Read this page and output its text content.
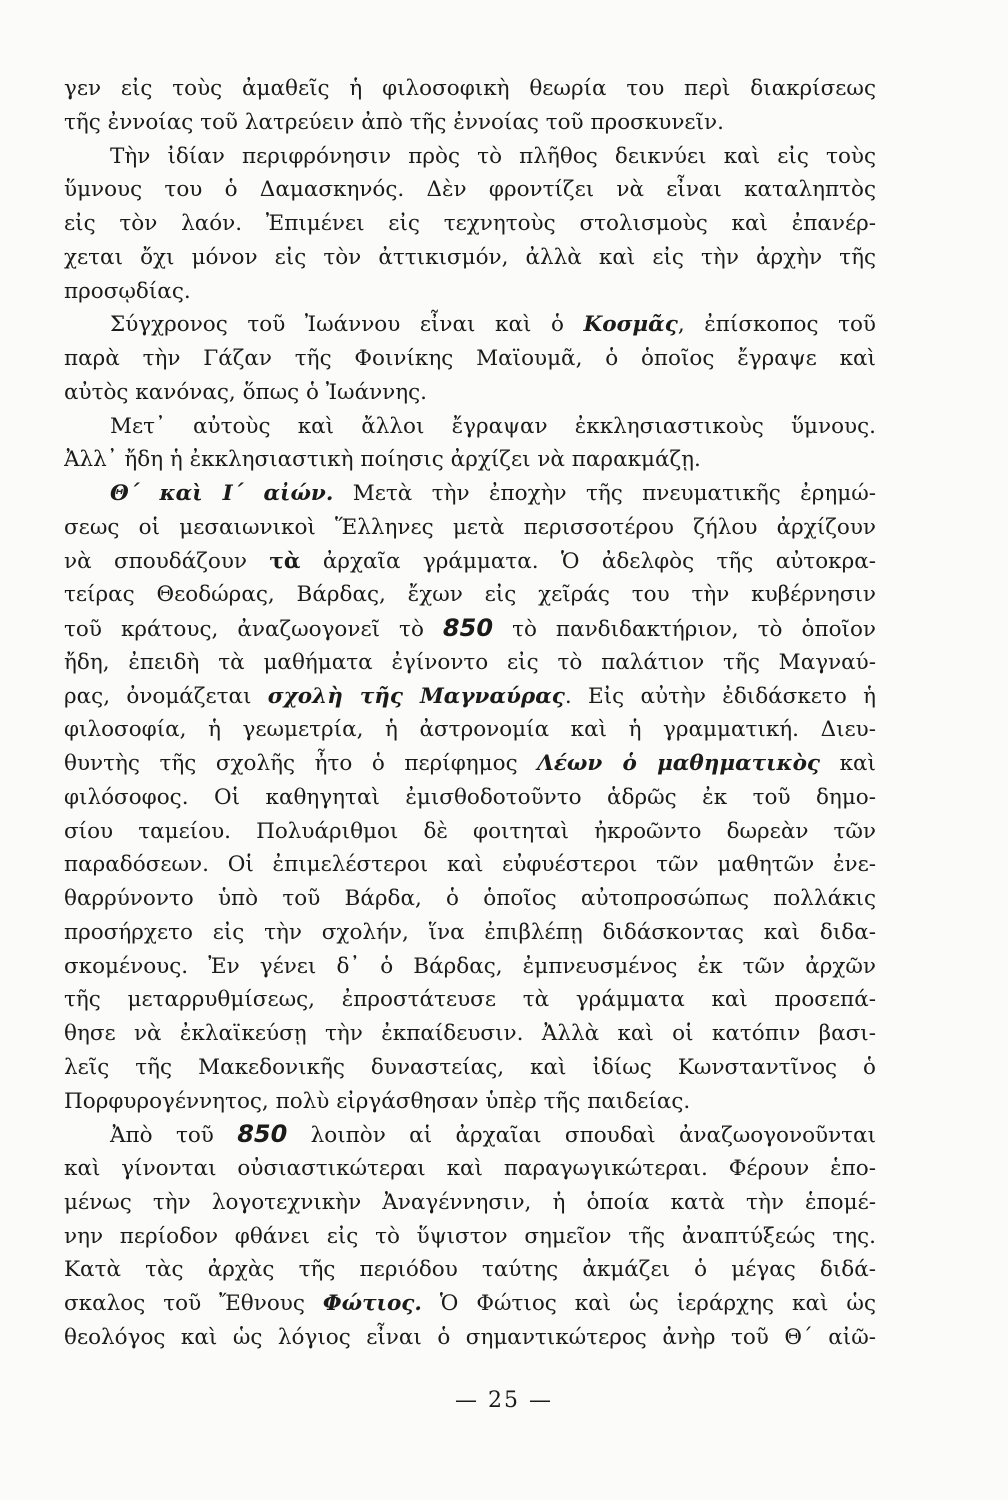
γεν εἰς τοὺς ἀμαθεῖς ἡ φιλοσοφικὴ θεωρία του περὶ διακρίσεως
τῆς ἐννοίας τοῦ λατρεύειν ἀπὸ τῆς ἐννοίας τοῦ προσκυνεῖν.
Τὴν ἰδίαν περιφρόνησιν πρὸς τὸ πλῆθος δεικνύει καὶ εἰς τοὺς
ὕμνους του ὁ Δαμασκηνός. Δὲν φροντίζει νὰ εἶναι καταληπτὸς
εἰς τὸν λαόν. Ἐπιμένει εἰς τεχνητοὺς στολισμοὺς καὶ ἐπανέρ-
χεται ὄχι μόνον εἰς τὸν ἀττικισμόν, ἀλλὰ καὶ εἰς τὴν ἀρχὴν τῆς
προσῳδίας.
Σύγχρονος τοῦ Ἰωάννου εἶναι καὶ ὁ Κοσμᾶς, ἐπίσκοπος τοῦ
παρὰ τὴν Γάζαν τῆς Φοινίκης Μαϊουμᾶ, ὁ ὁποῖος ἔγραψε καὶ
αὐτὸς κανόνας, ὅπως ὁ Ἰωάννης.
Μετ᾽ αὐτοὺς καὶ ἄλλοι ἔγραψαν ἐκκλησιαστικοὺς ὕμνους.
Ἀλλ᾽ ἤδη ἡ ἐκκλησιαστικὴ ποίησις ἀρχίζει νὰ παρακμάζῃ.
Θ΄ καὶ Ι΄ αἰών. Μετὰ τὴν ἐποχὴν τῆς πνευματικῆς ἐρημώ-
σεως οἱ μεσαιωνικοὶ Ἕλληνες μετὰ περισσοτέρου ζήλου ἀρχίζουν
νὰ σπουδάζουν τὰ ἀρχαῖα γράμματα. Ὁ ἀδελφὸς τῆς αὐτοκρα-
τείρας Θεοδώρας, Βάρδας, ἔχων εἰς χεῖράς του τὴν κυβέρνησιν
τοῦ κράτους, ἀναζωογονεῖ τὸ 850 τὸ πανδιδακτήριον, τὸ ὁποῖον
ἤδη, ἐπειδὴ τὰ μαθήματα ἐγίνοντο εἰς τὸ παλάτιον τῆς Μαγναύ-
ρας, ὀνομάζεται σχολὴ τῆς Μαγναύρας. Εἰς αὐτὴν ἐδιδάσκετο ἡ
φιλοσοφία, ἡ γεωμετρία, ἡ ἀστρονομία καὶ ἡ γραμματική. Διευ-
θυντὴς τῆς σχολῆς ἦτο ὁ περίφημος Λέων ὁ μαθηματικὸς καὶ
φιλόσοφος. Οἱ καθηγηταὶ ἐμισθοδοτοῦντο ἁδρῶς ἐκ τοῦ δημο-
σίου ταμείου. Πολυάριθμοι δὲ φοιτηταὶ ἠκροῶντο δωρεὰν τῶν
παραδόσεων. Οἱ ἐπιμελέστεροι καὶ εὐφυέστεροι τῶν μαθητῶν ἐνε-
θαρρύνοντο ὑπὸ τοῦ Βάρδα, ὁ ὁποῖος αὐτοπροσώπως πολλάκις
προσήρχετο εἰς τὴν σχολήν, ἵνα ἐπιβλέπῃ διδάσκοντας καὶ διδα-
σκομένους. Ἐν γένει δ᾽ ὁ Βάρδας, ἐμπνευσμένος ἐκ τῶν ἀρχῶν
τῆς μεταρρυθμίσεως, ἐπροστάτευσε τὰ γράμματα καὶ προσεπά-
θησε νὰ ἐκλαϊκεύσῃ τὴν ἐκπαίδευσιν. Ἀλλὰ καὶ οἱ κατόπιν βασι-
λεῖς τῆς Μακεδονικῆς δυναστείας, καὶ ἰδίως Κωνσταντῖνος ὁ
Πορφυρογέννητος, πολὺ εἰργάσθησαν ὑπὲρ τῆς παιδείας.
Ἀπὸ τοῦ 850 λοιπὸν αἱ ἀρχαῖαι σπουδαὶ ἀναζωογονοῦνται
καὶ γίνονται οὐσιαστικώτεραι καὶ παραγωγικώτεραι. Φέρουν ἑπο-
μένως τὴν λογοτεχνικὴν Ἀναγέννησιν, ἡ ὁποία κατὰ τὴν ἑπομέ-
νην περίοδον φθάνει εἰς τὸ ὕψιστον σημεῖον τῆς ἀναπτύξεώς της.
Κατὰ τὰς ἀρχὰς τῆς περιόδου ταύτης ἀκμάζει ὁ μέγας διδά-
σκαλος τοῦ Ἔθνους Φώτιος. Ὁ Φώτιος καὶ ὡς ἱεράρχης καὶ ὡς
θεολόγος καὶ ὡς λόγιος εἶναι ὁ σημαντικώτερος ἀνὴρ τοῦ Θ΄ αἰῶ-
— 25 —
